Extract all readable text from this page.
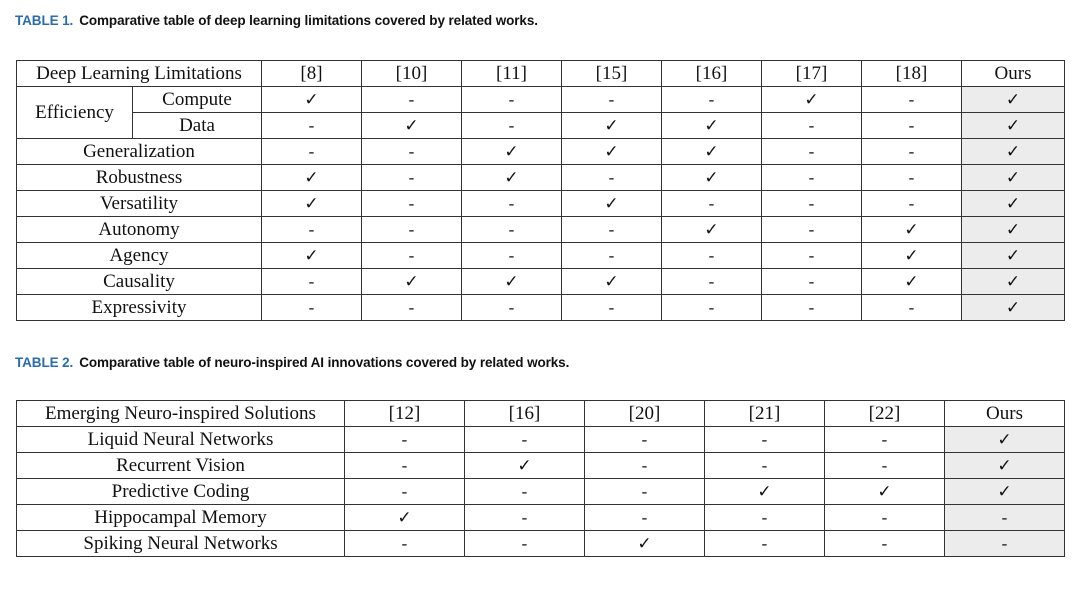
TABLE 1. Comparative table of deep learning limitations covered by related works.
Deep Learning Limitations		[8]	[10]	[11]	[15]	[16]	[17]	[18]	Ours
Efficiency	Compute	✓	-	-	-	-	✓	-	✓
	Data	-	✓	-	✓	✓	-	-	✓
Generalization		-	-	✓	✓	✓	-	-	✓
Robustness		✓	-	✓	-	✓	-	-	✓
Versatility		✓	-	-	✓	-	-	-	✓
Autonomy		-	-	-	-	✓	-	✓	✓
Agency		✓	-	-	-	-	-	✓	✓
Causality		-	✓	✓	✓	-	-	✓	✓
Expressivity		-	-	-	-	-	-	-	✓
TABLE 2. Comparative table of neuro-inspired AI innovations covered by related works.
Emerging Neuro-inspired Solutions	[12]	[16]	[20]	[21]	[22]	Ours
Liquid Neural Networks	-	-	-	-	-	✓
Recurrent Vision	-	✓	-	-	-	✓
Predictive Coding	-	-	-	✓	✓	✓
Hippocampal Memory	✓	-	-	-	-	-
Spiking Neural Networks	-	-	✓	-	-	-
